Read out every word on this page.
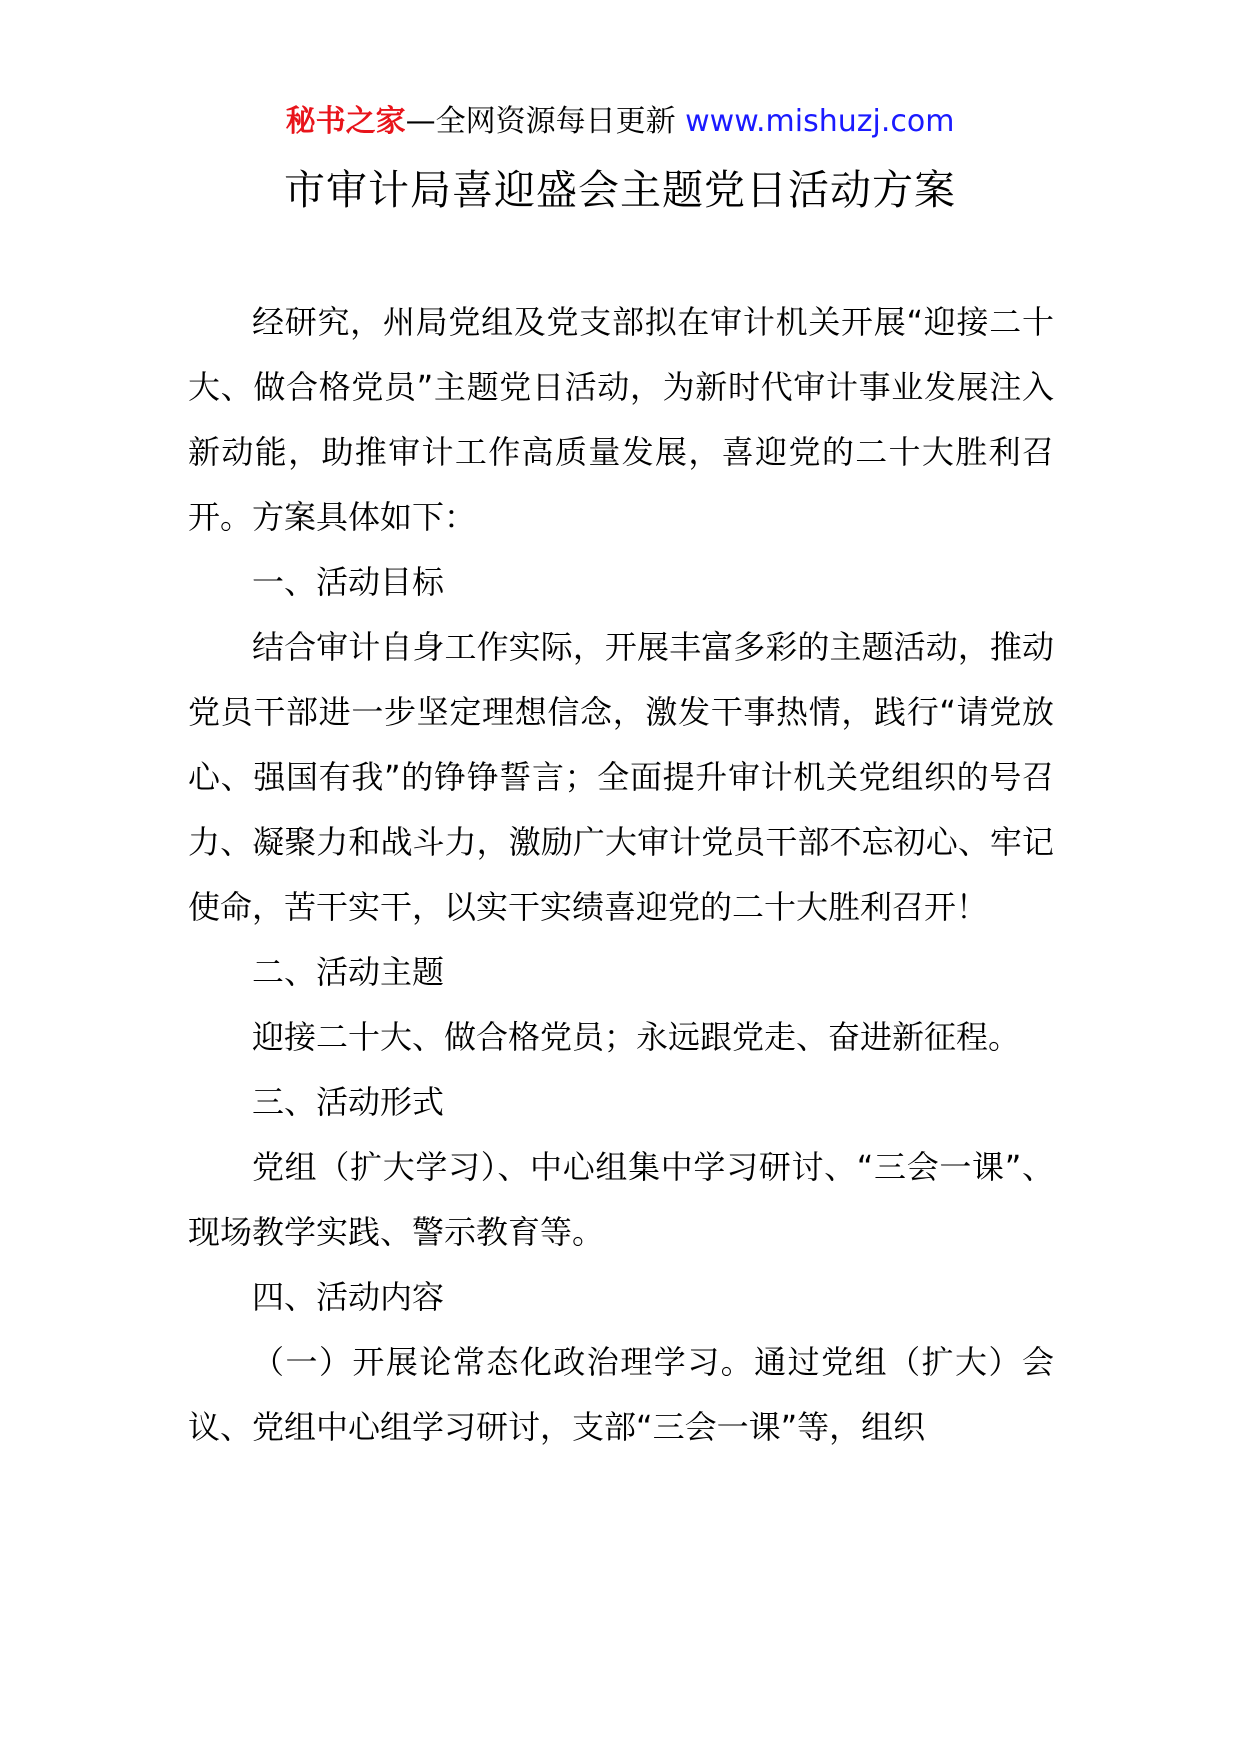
秘书之家—全网资源每日更新 www.mishuzj.com
市审计局喜迎盛会主题党日活动方案

经研究，州局党组及党支部拟在审计机关开展“迎接二十大、做合格党员”主题党日活动，为新时代审计事业发展注入新动能，助推审计工作高质量发展，喜迎党的二十大胜利召开。方案具体如下：

一、活动目标

结合审计自身工作实际，开展丰富多彩的主题活动，推动党员干部进一步坚定理想信念，激发干事热情，践行“请党放心、强国有我”的铮铮誓言；全面提升审计机关党组织的号召力、凝聚力和战斗力，激励广大审计党员干部不忘初心、牢记使命，苦干实干，以实干实绩喜迎党的二十大胜利召开！

二、活动主题

迎接二十大、做合格党员；永远跟党走、奋进新征程。

三、活动形式

党组（扩大学习）、中心组集中学习研讨、“三会一课”、现场教学实践、警示教育等。

四、活动内容

（一）开展论常态化政治理学习。通过党组（扩大）会议、党组中心组学习研讨，支部“三会一课”等，组织
